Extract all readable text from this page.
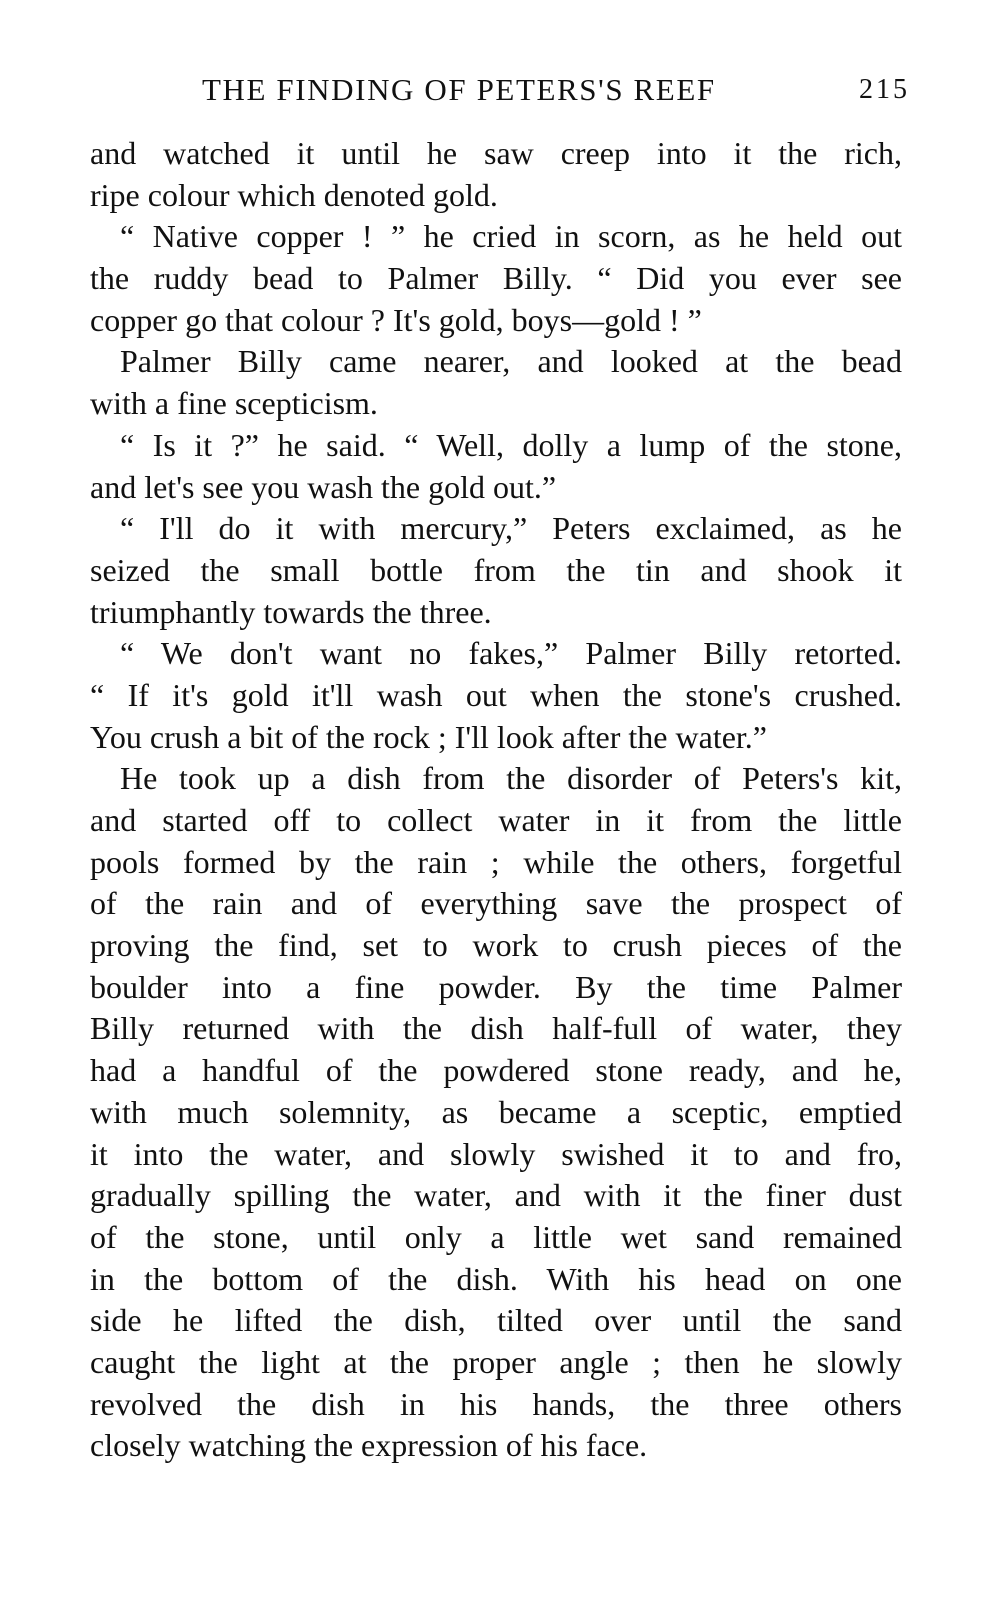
THE FINDING OF PETERS'S REEF	215
and watched it until he saw creep into it the rich,
ripe colour which denoted gold.
“ Native copper ! ” he cried in scorn, as he held out
the ruddy bead to Palmer Billy. “ Did you ever see
copper go that colour ? It's gold, boys—gold ! ”
Palmer Billy came nearer, and looked at the bead
with a fine scepticism.
“ Is it ?” he said. “ Well, dolly a lump of the stone,
and let's see you wash the gold out.”
“ I'll do it with mercury,” Peters exclaimed, as he
seized the small bottle from the tin and shook it
triumphantly towards the three.
“ We don't want no fakes,” Palmer Billy retorted.
“ If it's gold it'll wash out when the stone's crushed.
You crush a bit of the rock ; I'll look after the water.”
He took up a dish from the disorder of Peters's kit,
and started off to collect water in it from the little
pools formed by the rain ; while the others, forgetful
of the rain and of everything save the prospect of
proving the find, set to work to crush pieces of the
boulder into a fine powder. By the time Palmer
Billy returned with the dish half-full of water, they
had a handful of the powdered stone ready, and he,
with much solemnity, as became a sceptic, emptied
it into the water, and slowly swished it to and fro,
gradually spilling the water, and with it the finer dust
of the stone, until only a little wet sand remained
in the bottom of the dish. With his head on one
side he lifted the dish, tilted over until the sand
caught the light at the proper angle ; then he slowly
revolved the dish in his hands, the three others
closely watching the expression of his face.
